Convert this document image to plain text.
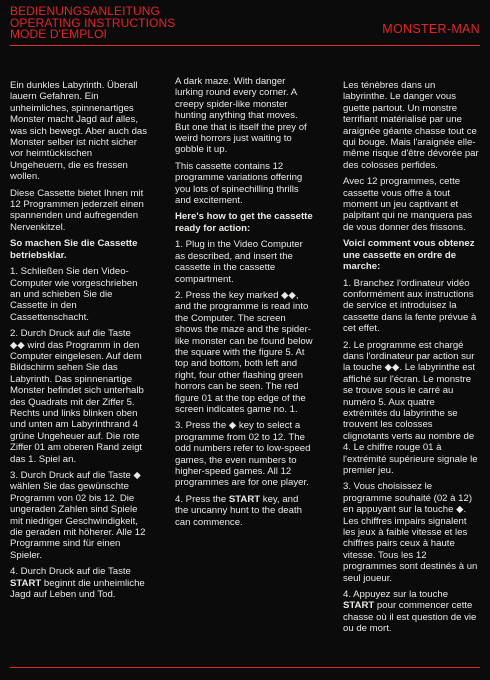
BEDIENUNGSANLEITUNG
OPERATING INSTRUCTIONS
MODE D'EMPLOI	MONSTER-MAN

Ein dunkles Labyrinth. Überall lauern Gefahren. Ein unheimliches, spinnenartiges Monster macht Jagd auf alles, was sich bewegt. Aber auch das Monster selber ist nicht sicher vor heimtückischen Ungeheuern, die es fressen wollen.

Diese Cassette bietet Ihnen mit 12 Programmen jederzeit einen spannenden und aufregenden Nervenkitzel.

So machen Sie die Cassette betriebsklar.

1. Schließen Sie den Video-Computer wie vorgeschrieben an und schieben Sie die Cassette in den Cassettenschacht.

2. Durch Druck auf die Taste ◆◆ wird das Programm in den Computer eingelesen. Auf dem Bildschirm sehen Sie das Labyrinth. Das spinnenartige Monster befindet sich unterhalb des Quadrats mit der Ziffer 5. Rechts und links blinken oben und unten am Labyrinthrand 4 grüne Ungeheuer auf. Die rote Ziffer 01 am oberen Rand zeigt das 1. Spiel an.

3. Durch Druck auf die Taste ◆ wählen Sie das gewünschte Programm von 02 bis 12. Die ungeraden Zahlen sind Spiele mit niedriger Geschwindigkeit, die geraden mit höherer. Alle 12 Programme sind für einen Spieler.

4. Durch Druck auf die Taste START beginnt die unheimliche Jagd auf Leben und Tod.

A dark maze. With danger lurking round every corner. A creepy spider-like monster hunting anything that moves. But one that is itself the prey of weird horrors just waiting to gobble it up.

This cassette contains 12 programme variations offering you lots of spinechilling thrills and excitement.

Here's how to get the cassette ready for action:

1. Plug in the Video Computer as described, and insert the cassette in the cassette compartment.

2. Press the key marked ◆◆, and the programme is read into the Computer. The screen shows the maze and the spider-like monster can be found below the square with the figure 5. At top and bottom, both left and right, four other flashing green horrors can be seen. The red figure 01 at the top edge of the screen indicates game no. 1.

3. Press the ◆ key to select a programme from 02 to 12. The odd numbers refer to low-speed games, the even numbers to higher-speed games. All 12 programmes are for one player.

4. Press the START key, and the uncanny hunt to the death can commence.

Les ténèbres dans un labyrinthe. Le danger vous guette partout. Un monstre terrifiant matérialisé par une araignée géante chasse tout ce qui bouge. Mais l'araignée elle-même risque d'être dévorée par des colosses perfides.

Avec 12 programmes, cette cassette vous offre à tout moment un jeu captivant et palpitant qui ne manquera pas de vous donner des frissons.

Voici comment vous obtenez une cassette en ordre de marche:

1. Branchez l'ordinateur vidéo conformément aux instructions de service et introduisez la cassette dans la fente prévue à cet effet.

2. Le programme est chargé dans l'ordinateur par action sur la touche ◆◆. Le labyrinthe est affiché sur l'écran. Le monstre se trouve sous le carré au numéro 5. Aux quatre extrémités du labyrinthe se trouvent les colosses clignotants verts au nombre de 4. Le chiffre rouge 01 à l'extrémité supérieure signale le premier jeu.

3. Vous choisissez le programme souhaité (02 à 12) en appuyant sur la touche ◆. Les chiffres impairs signalent les jeux à faible vitesse et les chiffres pairs ceux à haute vitesse. Tous les 12 programmes sont destinés à un seul joueur.

4. Appuyez sur la touche START pour commencer cette chasse où il est question de vie ou de mort.
